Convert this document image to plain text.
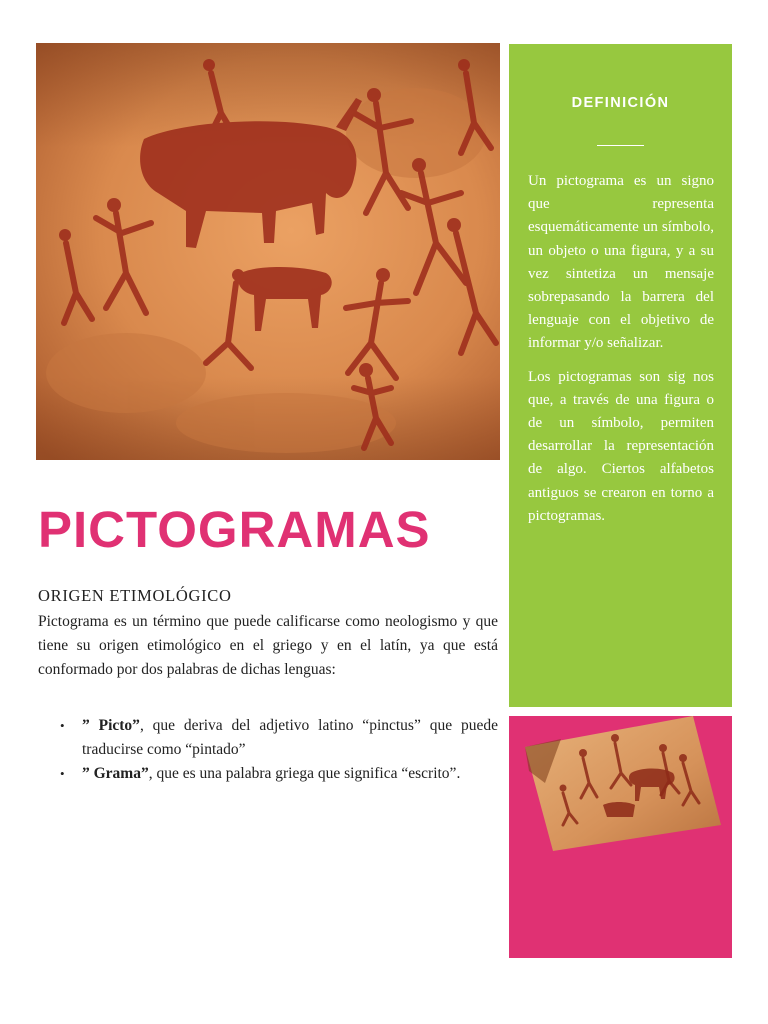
DEFINICIÓN

Un pictograma es un signo que representa esquemáticamente un símbolo, un objeto o una figura, y a su vez sintetiza un mensaje sobrepasando la barrera del lenguaje con el objetivo de informar y/o señalizar.

Los pictogramas son sig nos que, a través de una figura o de un símbolo, permiten desarrollar la representación de algo. Ciertos alfabetos antiguos se crearon en torno a pictogramas.

PICTOGRAMAS
ORIGEN ETIMOLÓGICO

Pictograma es un término que puede calificarse como neologismo y que tiene su origen etimológico en el griego y en el latín, ya que está conformado por dos palabras de dichas lenguas:

• ” Picto”, que deriva del adjetivo latino “pinctus” que puede traducirse como “pintado”
• ” Grama”, que es una palabra griega que significa “escrito”.
